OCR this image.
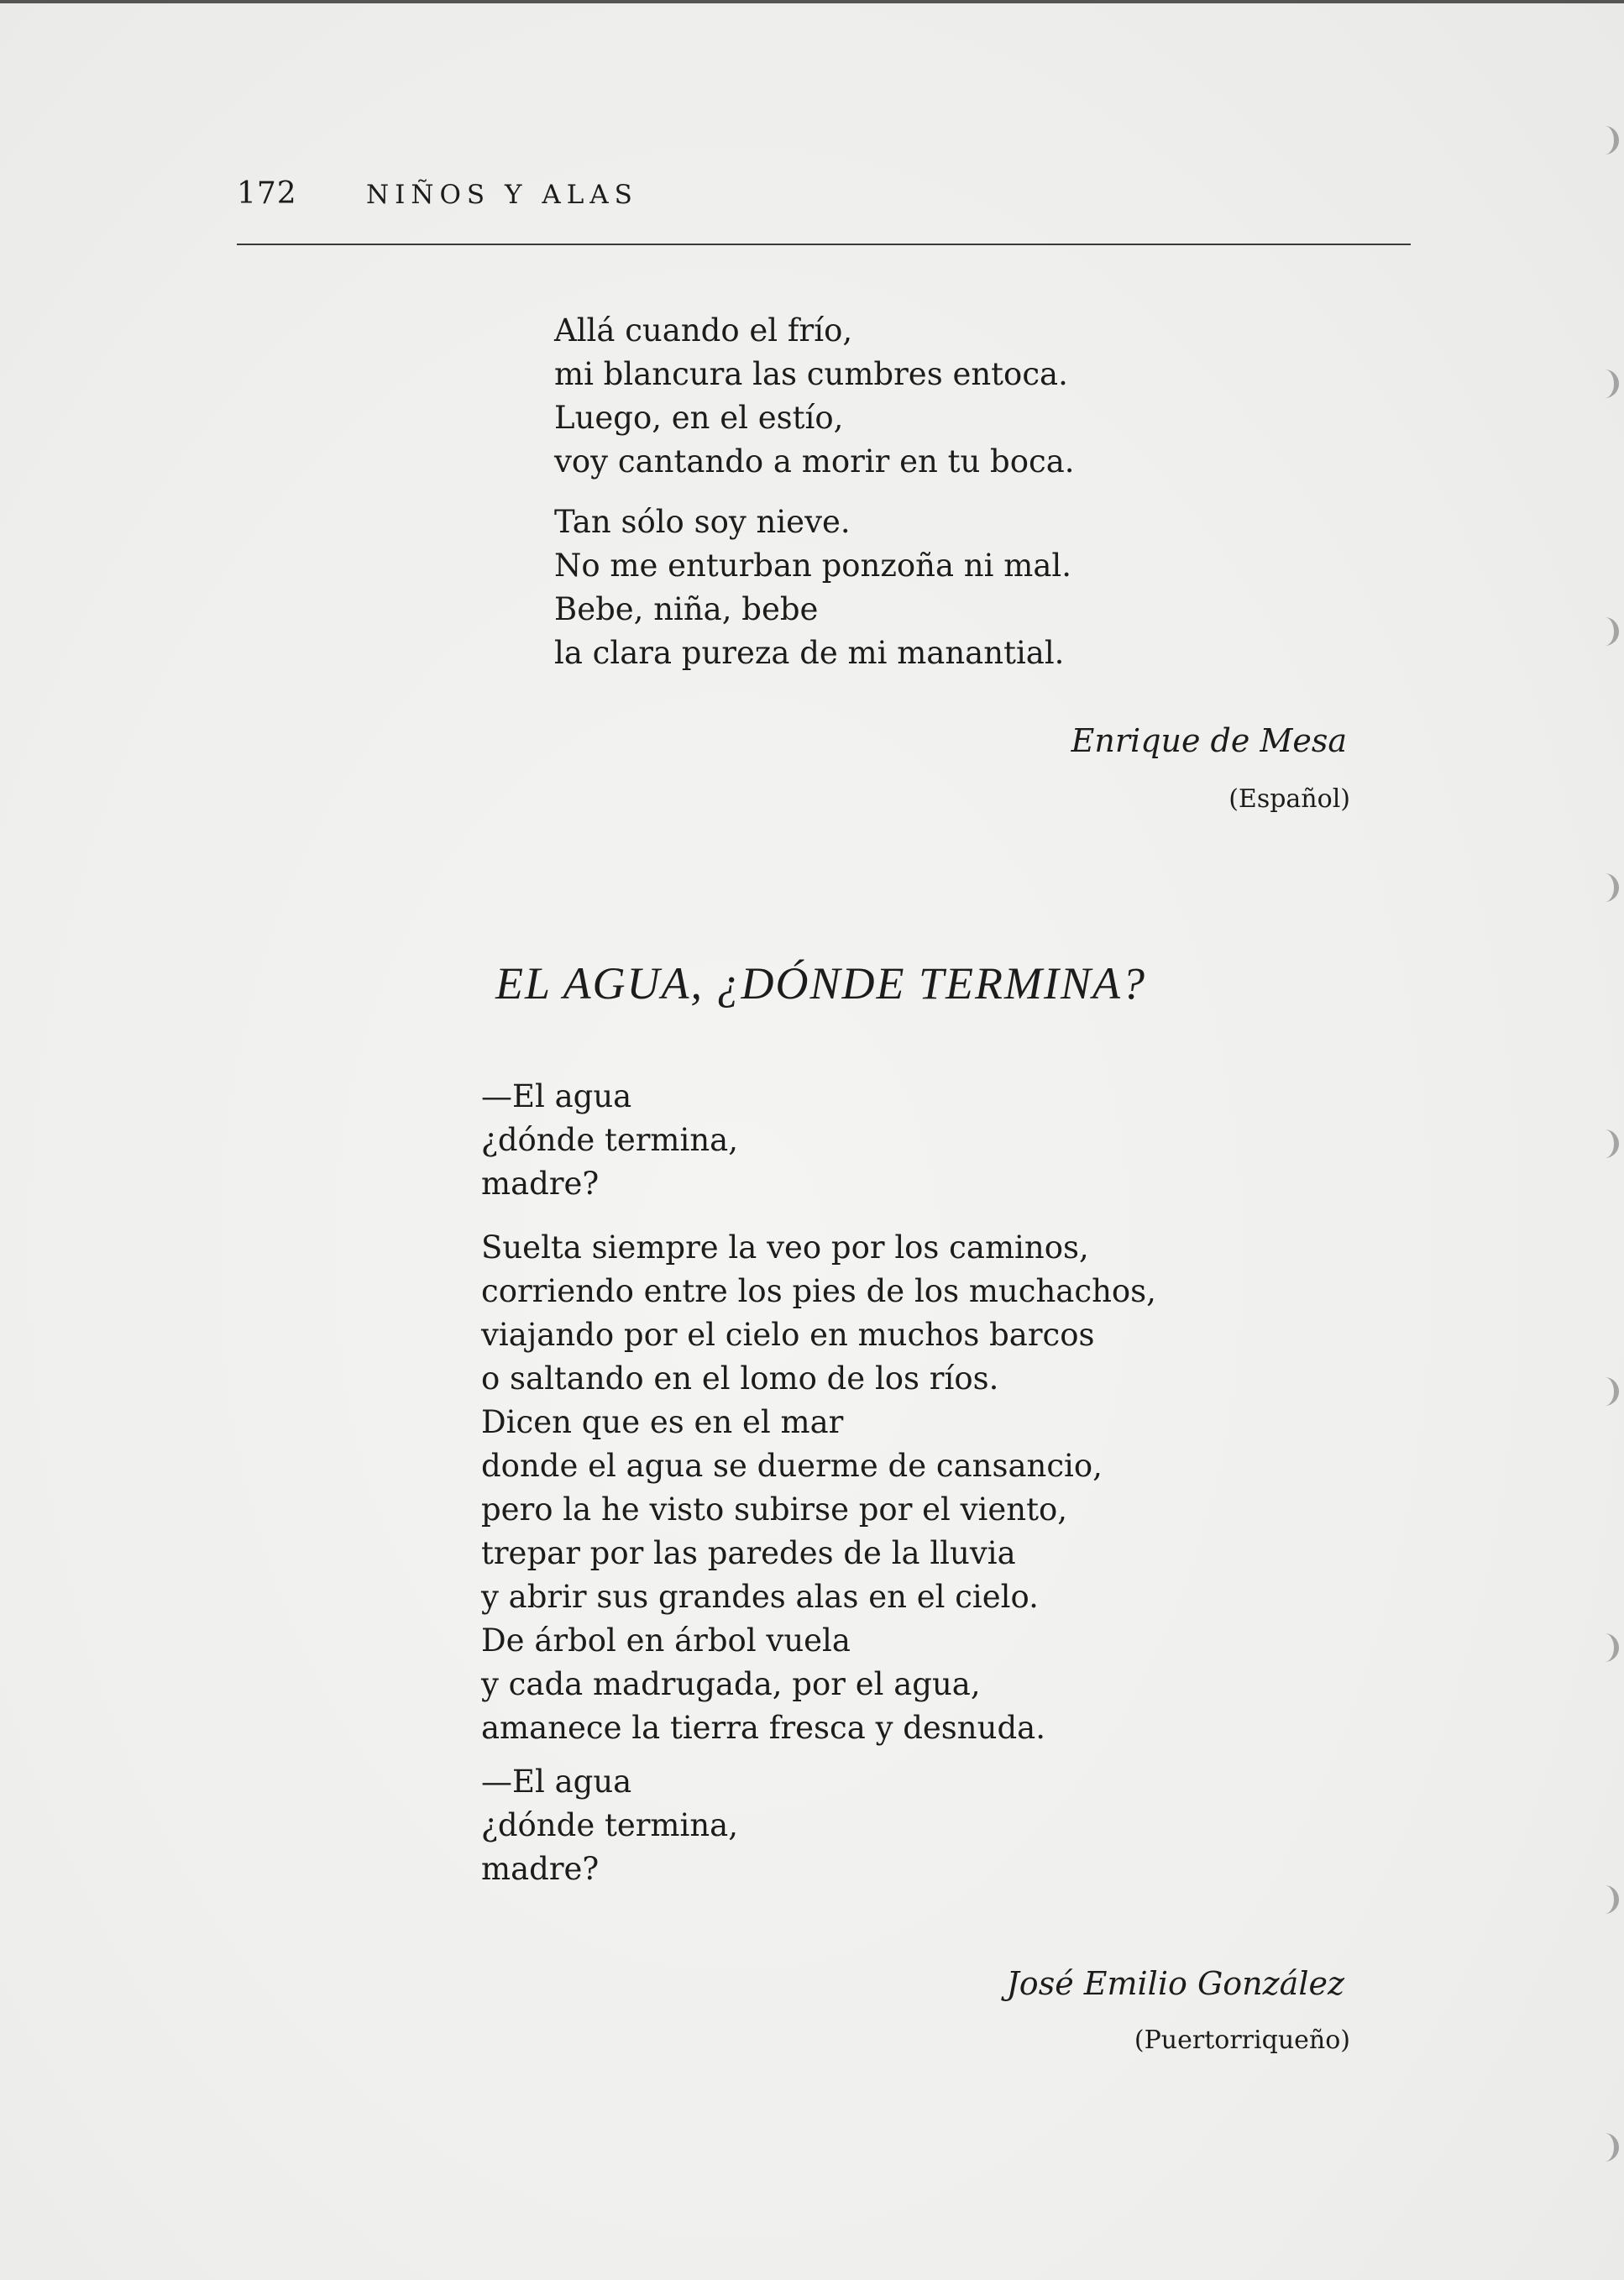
172	NIÑOS Y ALAS
Allá cuando el frío,
mi blancura las cumbres entoca.
Luego, en el estío,
voy cantando a morir en tu boca.
Tan sólo soy nieve.
No me enturban ponzoña ni mal.
Bebe, niña, bebe
la clara pureza de mi manantial.
Enrique de Mesa
(Español)
EL AGUA, ¿DÓNDE TERMINA?
—El agua
¿dónde termina,
madre?
Suelta siempre la veo por los caminos,
corriendo entre los pies de los muchachos,
viajando por el cielo en muchos barcos
o saltando en el lomo de los ríos.
Dicen que es en el mar
donde el agua se duerme de cansancio,
pero la he visto subirse por el viento,
trepar por las paredes de la lluvia
y abrir sus grandes alas en el cielo.
De árbol en árbol vuela
y cada madrugada, por el agua,
amanece la tierra fresca y desnuda.
—El agua
¿dónde termina,
madre?
José Emilio González
(Puertorriqueño)
